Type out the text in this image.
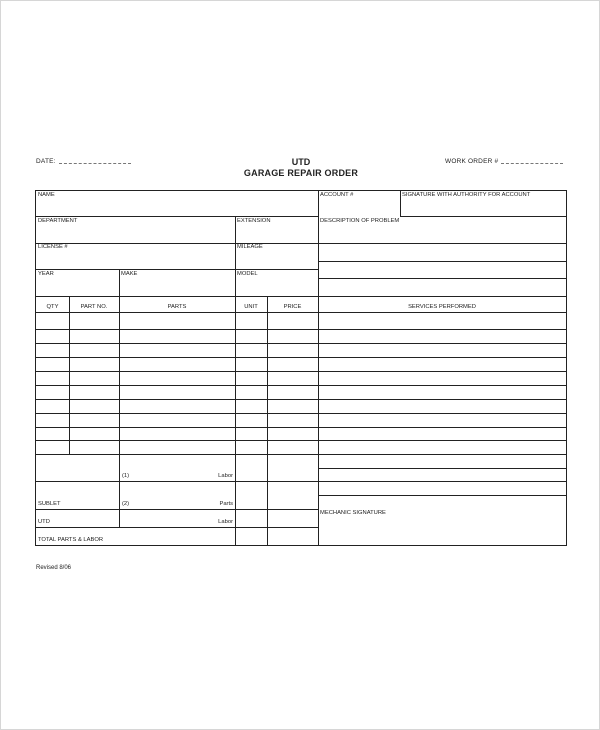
DATE:	UTD
GARAGE REPAIR ORDER
WORK ORDER #
NAME	ACCOUNT #	SIGNATURE WITH AUTHORITY FOR ACCOUNT
DEPARTMENT	EXTENSION	DESCRIPTION OF PROBLEM
LICENSE #	MILEAGE
YEAR	MAKE	MODEL
QTY	PART NO.	PARTS	UNIT	PRICE	SERVICES PERFORMED
(1)	Labor
SUBLET	(2)	Parts
MECHANIC SIGNATURE
UTD	Labor
TOTAL PARTS & LABOR
Revised 8/06
